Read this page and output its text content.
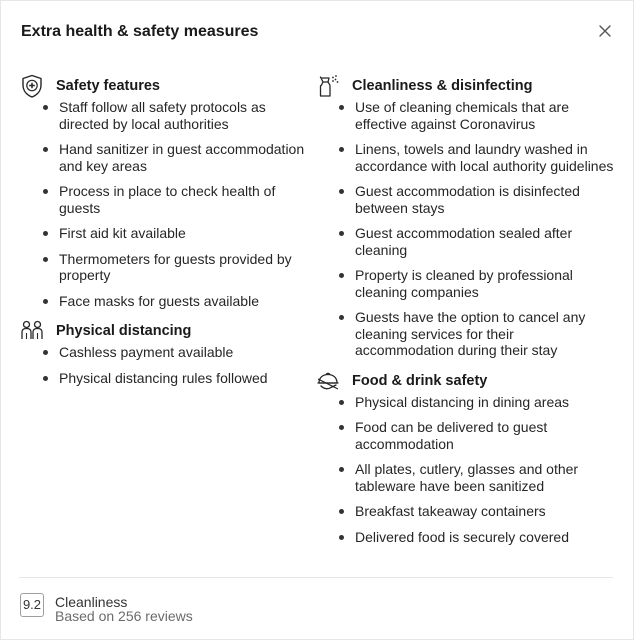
Extra health & safety measures
Safety features
Staff follow all safety protocols as directed by local authorities
Hand sanitizer in guest accommodation and key areas
Process in place to check health of guests
First aid kit available
Thermometers for guests provided by property
Face masks for guests available
Physical distancing
Cashless payment available
Physical distancing rules followed
Cleanliness & disinfecting
Use of cleaning chemicals that are effective against Coronavirus
Linens, towels and laundry washed in accordance with local authority guidelines
Guest accommodation is disinfected between stays
Guest accommodation sealed after cleaning
Property is cleaned by professional cleaning companies
Guests have the option to cancel any cleaning services for their accommodation during their stay
Food & drink safety
Physical distancing in dining areas
Food can be delivered to guest accommodation
All plates, cutlery, glasses and other tableware have been sanitized
Breakfast takeaway containers
Delivered food is securely covered
9.2 Cleanliness
Based on 256 reviews
